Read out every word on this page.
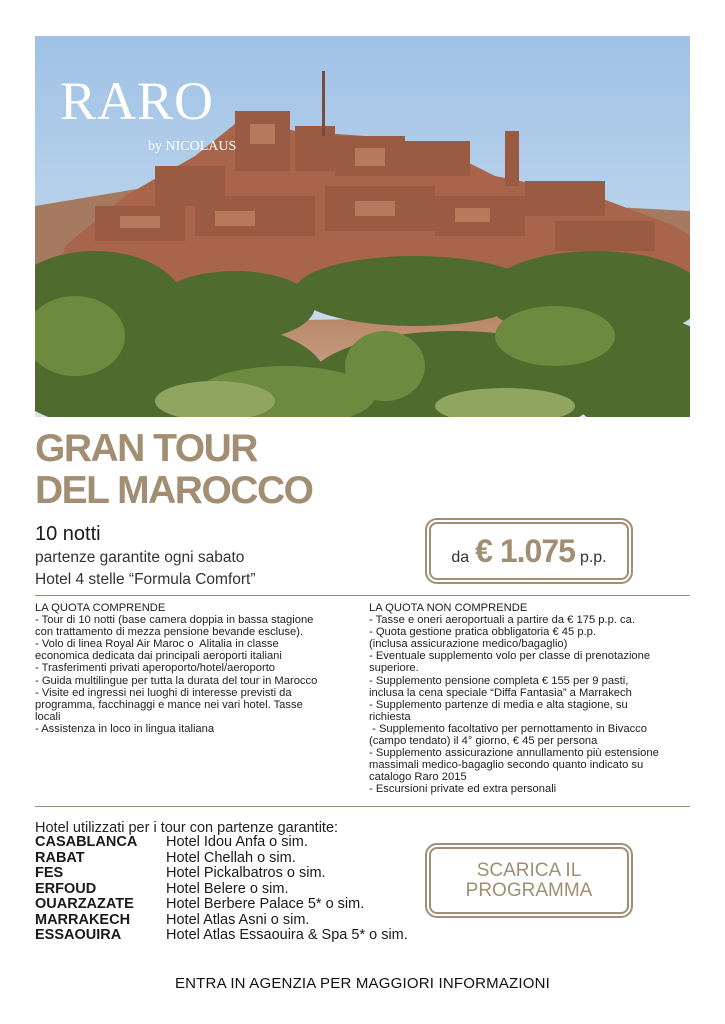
RARO
by NICOLAUS
GRAN TOUR
DEL MAROCCO
10 notti
partenze garantite ogni sabato
Hotel 4 stelle “Formula Comfort”
da € 1.075 p.p.

LA QUOTA COMPRENDE

- Tour di 10 notti (base camera doppia in bassa stagione

con trattamento di mezza pensione bevande escluse).

- Volo di linea Royal Air Maroc o  Alitalia in classe

economica dedicata dai principali aeroporti italiani

- Trasferimenti privati aperoporto/hotel/aeroporto

- Guida multilingue per tutta la durata del tour in Marocco

- Visite ed ingressi nei luoghi di interesse previsti da

programma, facchinaggi e mance nei vari hotel. Tasse

locali

- Assistenza in loco in lingua italiana

LA QUOTA NON COMPRENDE

- Tasse e oneri aeroportuali a partire da € 175 p.p. ca.

- Quota gestione pratica obbligatoria € 45 p.p.

(inclusa assicurazione medico/bagaglio)

- Eventuale supplemento volo per classe di prenotazione

superiore.

- Supplemento pensione completa € 155 per 9 pasti,

inclusa la cena speciale “Diffa Fantasia” a Marrakech

- Supplemento partenze di media e alta stagione, su

richiesta

- Supplemento facoltativo per pernottamento in Bivacco

(campo tendato) il 4° giorno, € 45 per persona

- Supplemento assicurazione annullamento più estensione

massimali medico-bagaglio secondo quanto indicato su

catalogo Raro 2015

- Escursioni private ed extra personali

Hotel utilizzati per i tour con partenze garantite:
CASABLANCA	Hotel Idou Anfa o sim.
RABAT	Hotel Chellah o sim.
FES	Hotel Pickalbatros o sim.
ERFOUD	Hotel Belere o sim.
OUARZAZATE	Hotel Berbere Palace 5* o sim.
MARRAKECH	Hotel Atlas Asni o sim.
ESSAOUIRA	Hotel Atlas Essaouira & Spa 5* o sim.
SCARICA IL
PROGRAMMA
ENTRA IN AGENZIA PER MAGGIORI INFORMAZIONI
